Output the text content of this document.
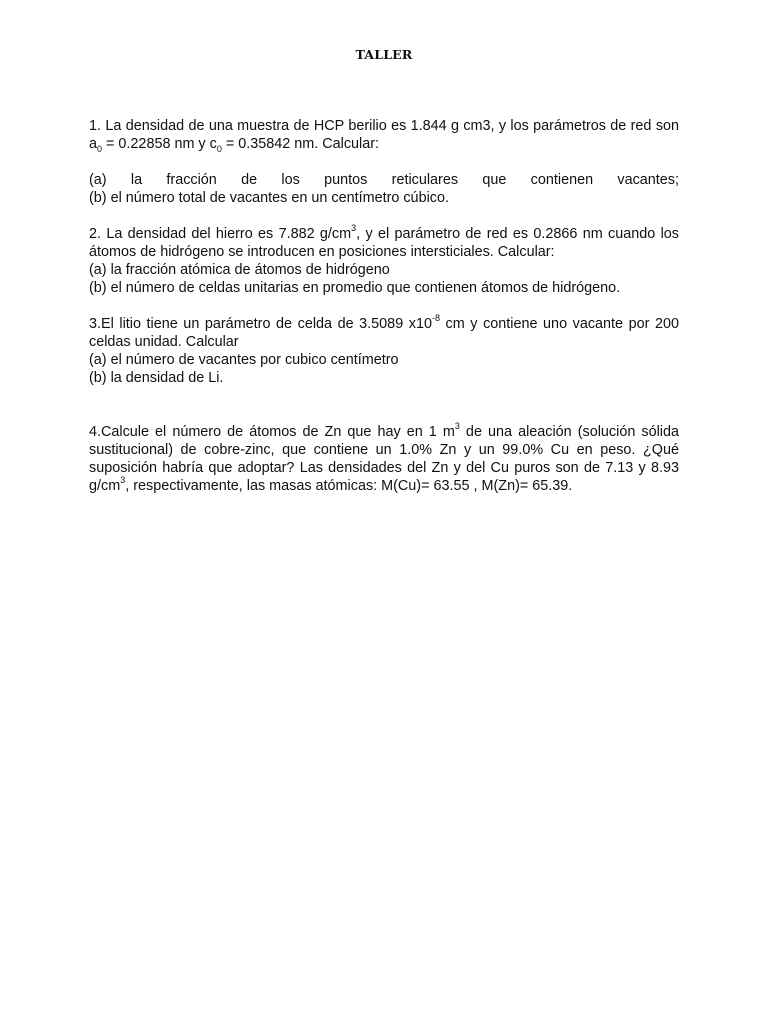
TALLER

1. La densidad de una muestra de HCP berilio es 1.844 g cm3, y los parámetros de red son $a_0 = 0.22858$ nm y $c_0 = 0.35842$ nm. Calcular:

(a) la fracción de los puntos reticulares que contienen vacantes;

(b) el número total de vacantes en un centímetro cúbico.

2. La densidad del hierro es 7.882 $g/cm^3$, y el parámetro de red es 0.2866 nm cuando los átomos de hidrógeno se introducen en posiciones intersticiales. Calcular:

(a) la fracción atómica de átomos de hidrógeno

(b) el número de celdas unitarias en promedio que contienen átomos de hidrógeno.

3.El litio tiene un parámetro de celda de 3.5089 $x10^{-8}$ cm y contiene uno vacante por 200 celdas unidad. Calcular

(a) el número de vacantes por cubico centímetro

(b) la densidad de Li.

4.Calcule el número de átomos de Zn que hay en 1 $m^3$ de una aleación (solución sólida sustitucional) de cobre-zinc, que contiene un 1.0% Zn y un 99.0% Cu en peso. ¿Qué suposición habría que adoptar? Las densidades del Zn y del Cu puros son de 7.13 y 8.93 $g/cm^3$, respectivamente, las masas atómicas: M(Cu)= 63.55 , M(Zn)= 65.39.
